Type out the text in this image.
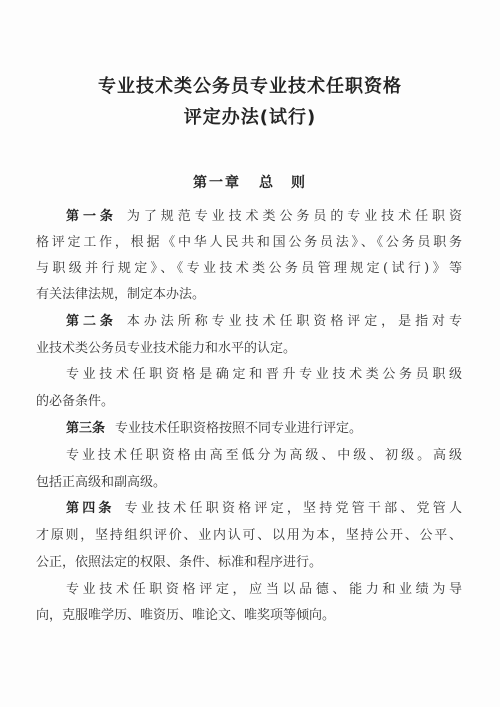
专业技术类公务员专业技术任职资格
评定办法(试行)
第一章 总　则
第一条 为了规范专业技术类公务员的专业技术任职资
格评定工作，根据《中华人民共和国公务员法》、《公务员职务
与职级并行规定》、《专业技术类公务员管理规定(试行)》等
有关法律法规，制定本办法。
第二条 本办法所称专业技术任职资格评定，是指对专
业技术类公务员专业技术能力和水平的认定。
专业技术任职资格是确定和晋升专业技术类公务员职级
的必备条件。
第三条 专业技术任职资格按照不同专业进行评定。
专业技术任职资格由高至低分为高级、中级、初级。高级
包括正高级和副高级。
第四条 专业技术任职资格评定，坚持党管干部、党管人
才原则，坚持组织评价、业内认可、以用为本，坚持公开、公平、
公正，依照法定的权限、条件、标准和程序进行。
专业技术任职资格评定，应当以品德、能力和业绩为导
向，克服唯学历、唯资历、唯论文、唯奖项等倾向。
